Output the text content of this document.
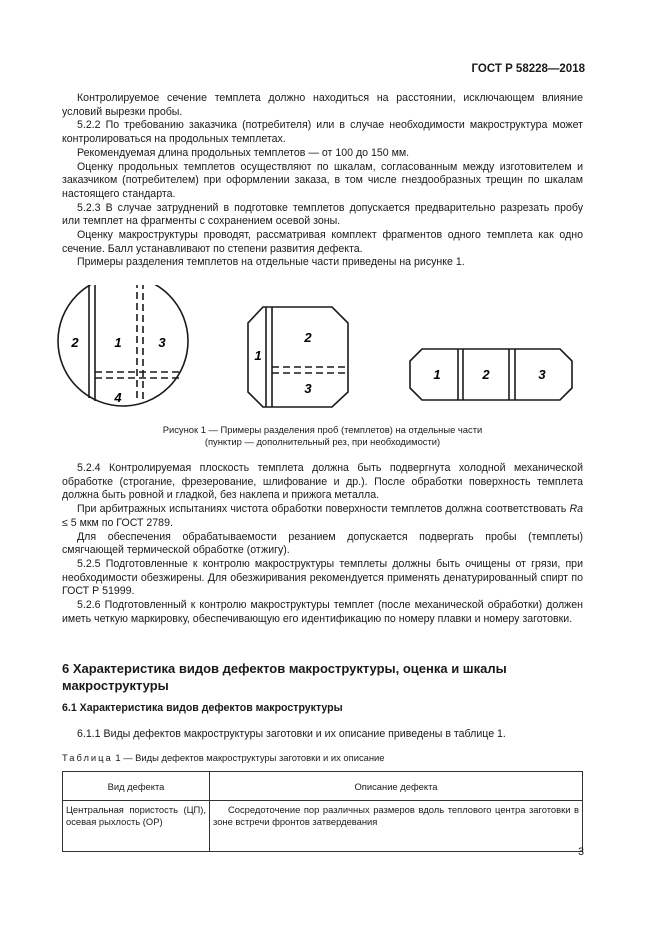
ГОСТ Р 58228—2018

Контролируемое сечение темплета должно находиться на расстоянии, исключающем влияние условий вырезки пробы.

5.2.2 По требованию заказчика (потребителя) или в случае необходимости макроструктура может контролироваться на продольных темплетах.

Рекомендуемая длина продольных темплетов — от 100 до 150 мм.

Оценку продольных темплетов осуществляют по шкалам, согласованным между изготовителем и заказчиком (потребителем) при оформлении заказа, в том числе гнездообразных трещин по шкалам настоящего стандарта.

5.2.3 В случае затруднений в подготовке темплетов допускается предварительно разрезать пробу или темплет на фрагменты с сохранением осевой зоны.

Оценку макроструктуры проводят, рассматривая комплект фрагментов одного темплета как одно сечение. Балл устанавливают по степени развития дефекта.

Примеры разделения темплетов на отдельные части приведены на рисунке 1.

2	1	3
4
1
2
3
1	2	3
Рисунок 1 — Примеры разделения проб (темплетов) на отдельные части
(пунктир — дополнительный рез, при необходимости)

5.2.4 Контролируемая плоскость темплета должна быть подвергнута холодной механической обработке (строгание, фрезерование, шлифование и др.). После обработки поверхность темплета должна быть ровной и гладкой, без наклепа и прижога металла.

При арбитражных испытаниях чистота обработки поверхности темплетов должна соответствовать Ra ≤ 5 мкм по ГОСТ 2789.

Для обеспечения обрабатываемости резанием допускается подвергать пробы (темплеты) смягчающей термической обработке (отжигу).

5.2.5 Подготовленные к контролю макроструктуры темплеты должны быть очищены от грязи, при необходимости обезжирены. Для обезжиривания рекомендуется применять денатурированный спирт по ГОСТ Р 51999.

5.2.6 Подготовленный к контролю макроструктуры темплет (после механической обработки) должен иметь четкую маркировку, обеспечивающую его идентификацию по номеру плавки и номеру заготовки.

6 Характеристика видов дефектов макроструктуры, оценка и шкалы макроструктуры
6.1 Характеристика видов дефектов макроструктуры

6.1.1 Виды дефектов макроструктуры заготовки и их описание приведены в таблице 1.

Таблица 1 — Виды дефектов макроструктуры заготовки и их описание
Вид дефекта	Описание дефекта
Центральная пористость (ЦП), осевая рыхлость (ОР)	Сосредоточение пор различных размеров вдоль теплового центра заготовки в зоне встречи фронтов затвердевания
3
